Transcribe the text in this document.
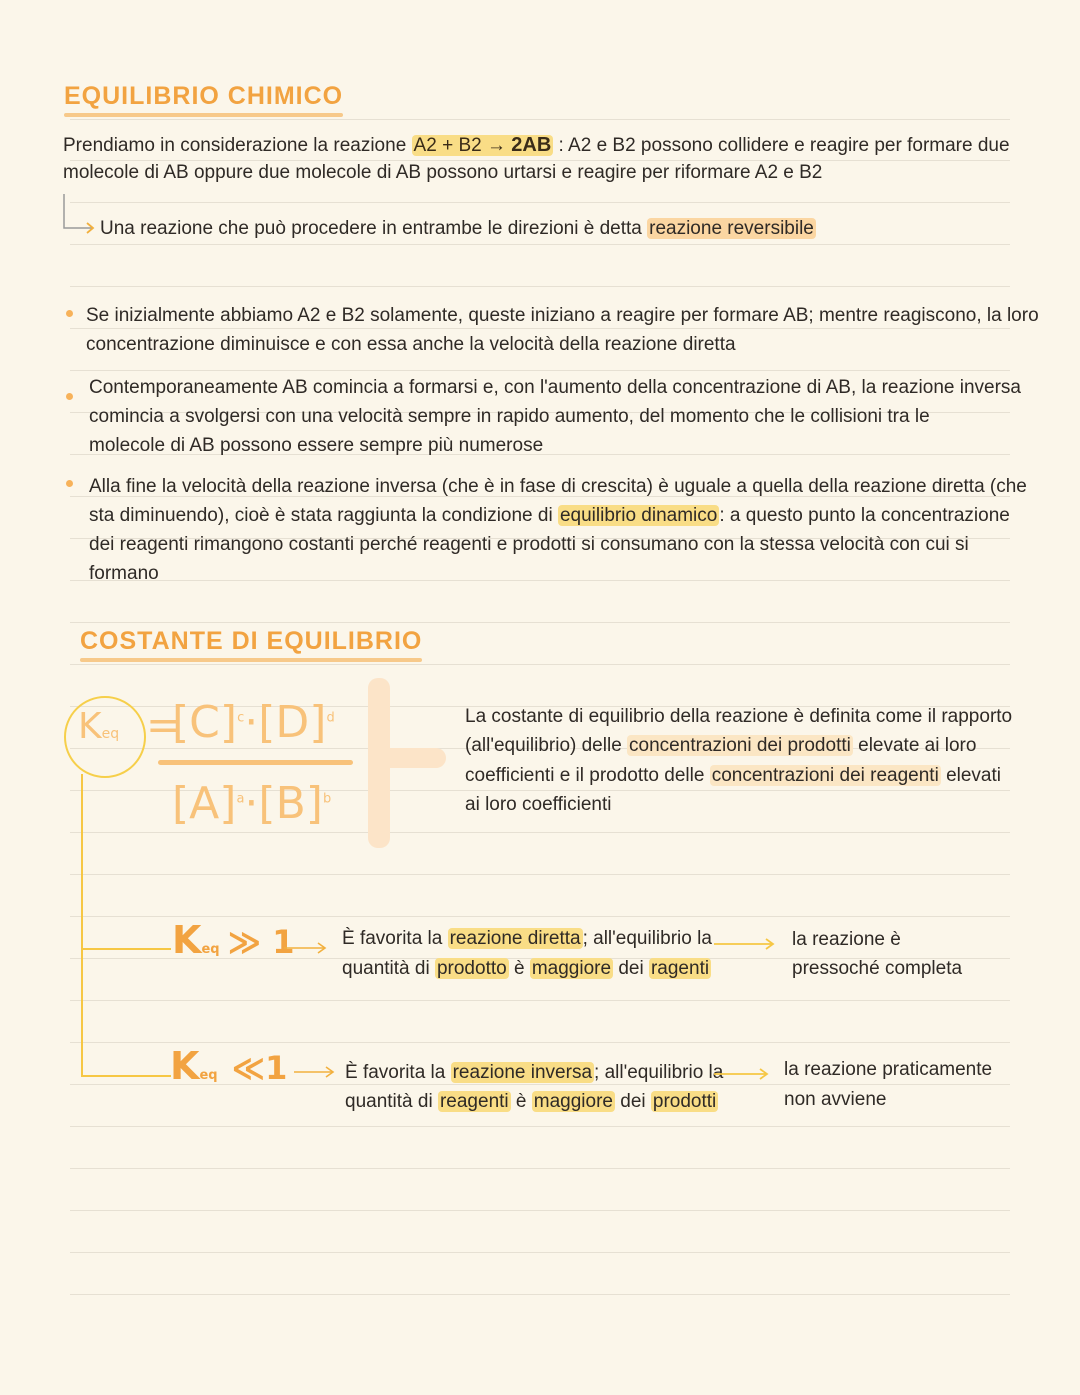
EQUILIBRIO CHIMICO
Prendiamo in considerazione la reazione A2 + B2 → 2AB : A2 e B2 possono collidere e reagire per formare due
molecole di AB oppure due molecole di AB possono urtarsi e reagire per riformare A2 e B2
Una reazione che può procedere in entrambe le direzioni è detta reazione reversibile
Se inizialmente abbiamo A2 e B2 solamente, queste iniziano a reagire per formare AB; mentre reagiscono, la loro
concentrazione diminuisce e con essa anche la velocità della reazione diretta
Contemporaneamente AB comincia a formarsi e, con l'aumento della concentrazione di AB, la reazione inversa
comincia a svolgersi con una velocità sempre in rapido aumento, del momento che le collisioni tra le
molecole di AB possono essere sempre più numerose
Alla fine la velocità della reazione inversa (che è in fase di crescita) è uguale a quella della reazione diretta (che
sta diminuendo), cioè è stata raggiunta la condizione di equilibrio dinamico : a questo punto la concentrazione
dei reagenti rimangono costanti perché reagenti e prodotti si consumano con la stessa velocità con cui si
formano
COSTANTE DI EQUILIBRIO
Keq =
$[C]^c\cdot[D]^d$
$[A]^a\cdot[B]^b$
La costante di equilibrio della reazione è definita come il rapporto
(all'equilibrio) delle concentrazioni dei prodotti elevate ai loro
coefficienti e il prodotto delle concentrazioni dei reagenti elevati
ai loro coefficienti
Keq ≫ 1	È favorita la reazione diretta ; all'equilibrio la
quantità di prodotto è maggiore dei ragenti
la reazione è
pressoché completa
Keq ≪1	È favorita la reazione inversa ; all'equilibrio la
quantità di reagenti è maggiore dei prodotti
la reazione praticamente
non avviene
